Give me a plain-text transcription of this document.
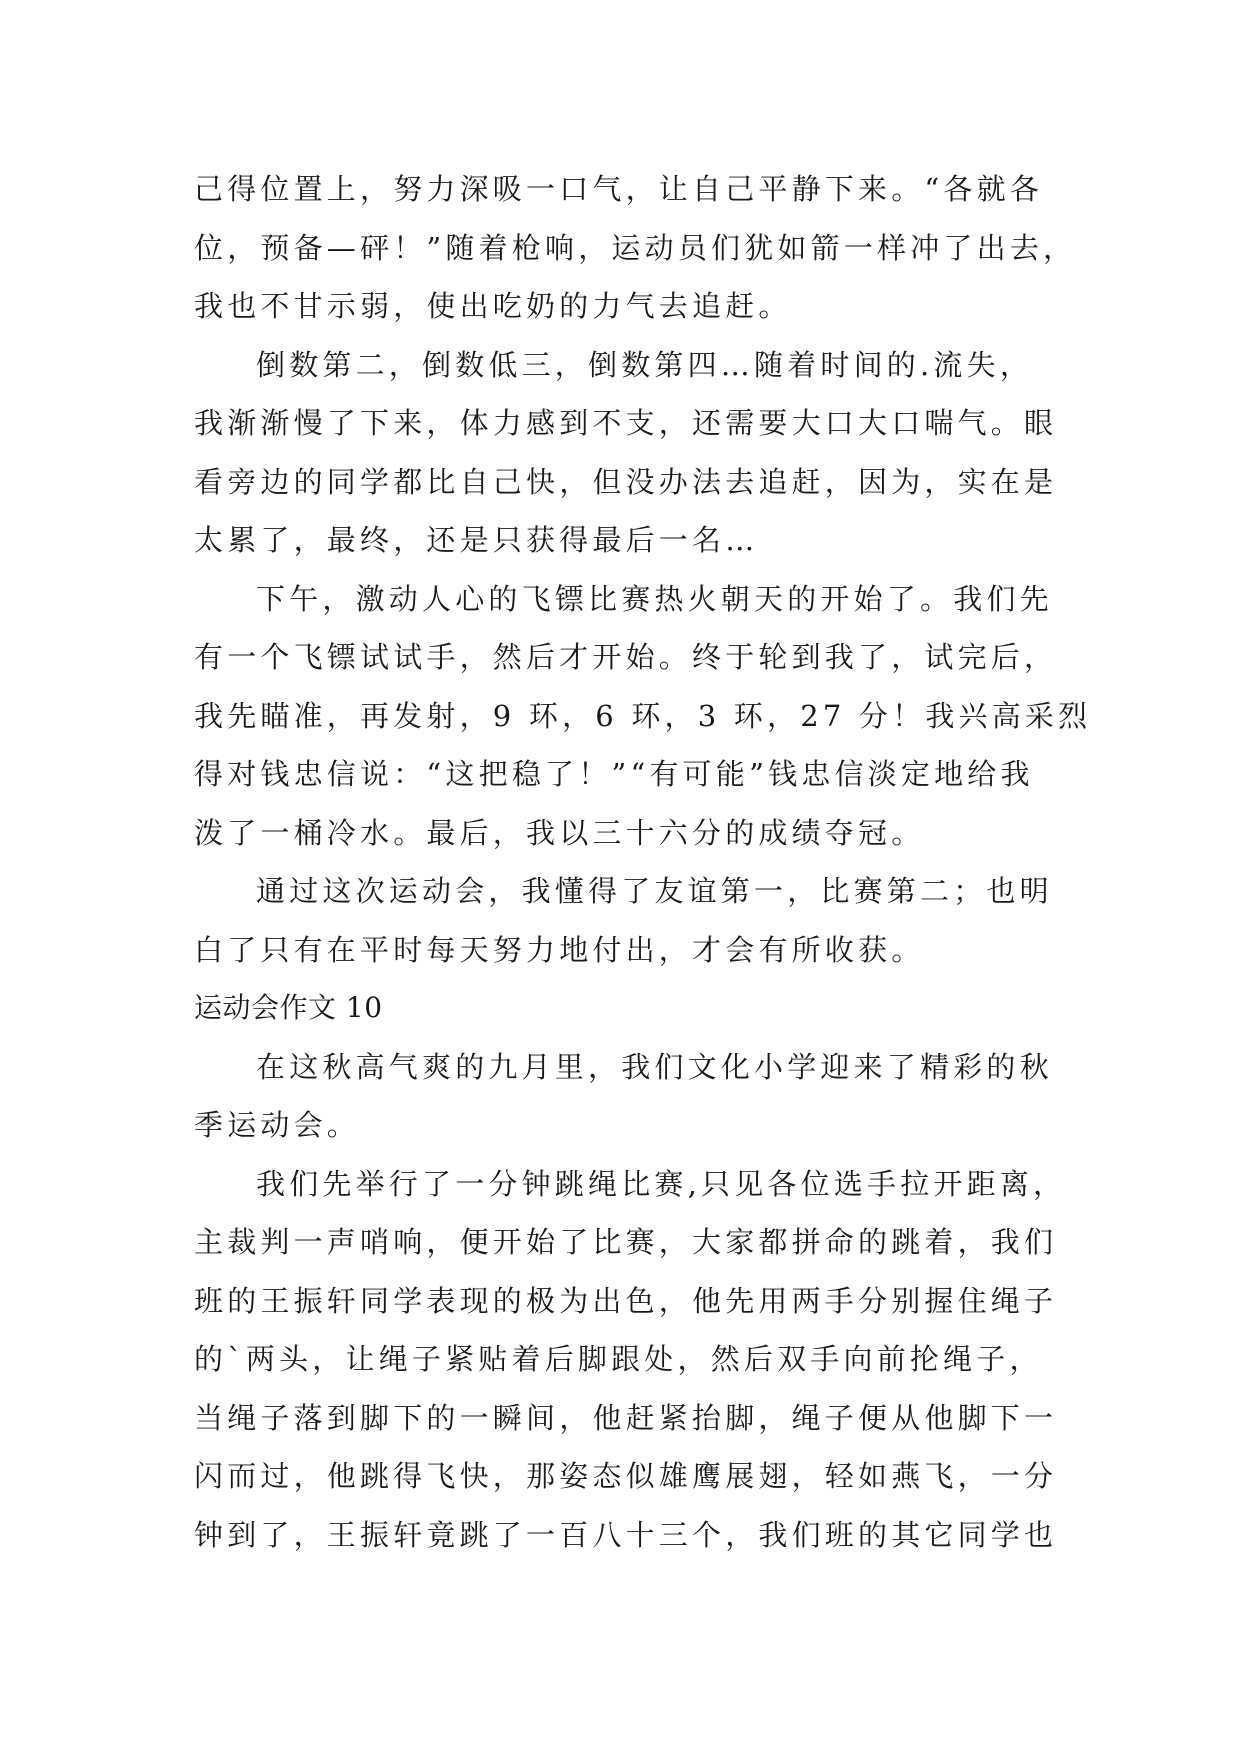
己得位置上，努力深吸一口气，让自己平静下来。“各就各
位，预备—砰！”随着枪响，运动员们犹如箭一样冲了出去，
我也不甘示弱，使出吃奶的力气去追赶。
倒数第二，倒数低三，倒数第四…随着时间的.流失，
我渐渐慢了下来，体力感到不支，还需要大口大口喘气。眼
看旁边的同学都比自己快，但没办法去追赶，因为，实在是
太累了，最终，还是只获得最后一名…
下午，激动人心的飞镖比赛热火朝天的开始了。我们先
有一个飞镖试试手，然后才开始。终于轮到我了，试完后，
我先瞄准，再发射，9 环，6 环，3 环，27 分！我兴高采烈
得对钱忠信说：“这把稳了！”“有可能”钱忠信淡定地给我
泼了一桶冷水。最后，我以三十六分的成绩夺冠。
通过这次运动会，我懂得了友谊第一，比赛第二；也明
白了只有在平时每天努力地付出，才会有所收获。
运动会作文 10
在这秋高气爽的九月里，我们文化小学迎来了精彩的秋
季运动会。
我们先举行了一分钟跳绳比赛,只见各位选手拉开距离，
主裁判一声哨响，便开始了比赛，大家都拼命的跳着，我们
班的王振轩同学表现的极为出色，他先用两手分别握住绳子
的`两头，让绳子紧贴着后脚跟处，然后双手向前抡绳子，
当绳子落到脚下的一瞬间，他赶紧抬脚，绳子便从他脚下一
闪而过，他跳得飞快，那姿态似雄鹰展翅，轻如燕飞，一分
钟到了，王振轩竟跳了一百八十三个，我们班的其它同学也
